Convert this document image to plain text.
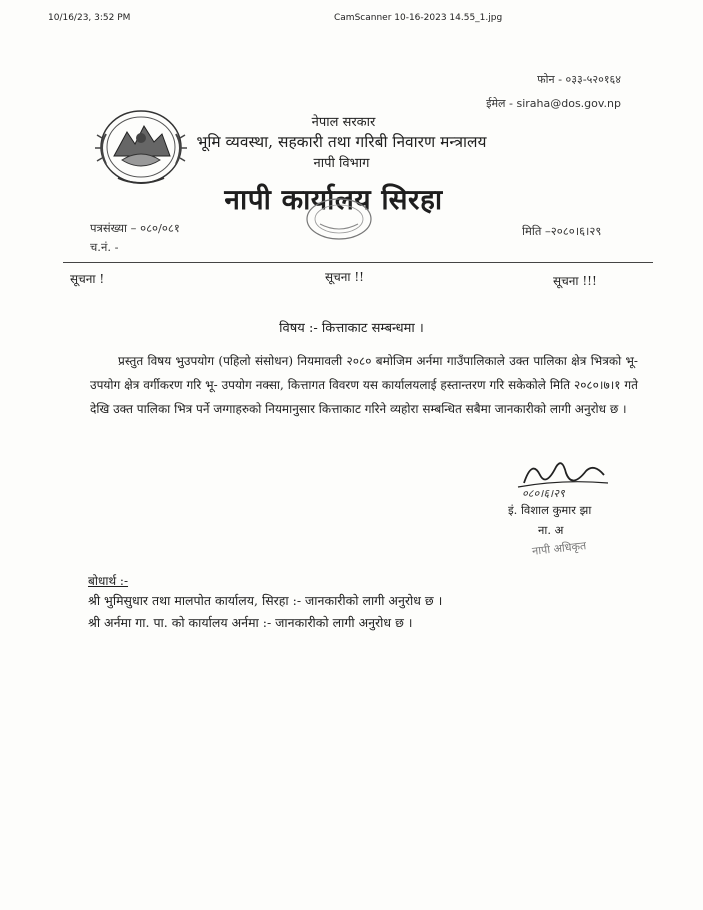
10/16/23, 3:52 PM	CamScanner 10-16-2023 14.55_1.jpg
फोन - ०३३-५२०१६४
ईमेल - siraha@dos.gov.np
नेपाल सरकार
भूमि व्यवस्था, सहकारी तथा गरिबी निवारण मन्त्रालय
नापी विभाग
नापी कार्यालय सिरहा
पत्रसंख्या – ०८०/०८१
च.नं. -
मिति –२०८०।६।२९
सूचना !	सूचना !!	सूचना !!!
विषय :- कित्ताकाट सम्बन्धमा ।
प्रस्तुत विषय भुउपयोग (पहिलो संसोधन) नियमावली २०८० बमोजिम अर्नमा गाउँपालिकाले उक्त पालिका क्षेत्र भित्रको भू- उपयोग क्षेत्र वर्गीकरण गरि भू- उपयोग नक्सा, कित्तागत विवरण यस कार्यालयलाई हस्तान्तरण गरि सकेकोले मिति २०८०।७।१ गते देखि उक्त पालिका भित्र पर्ने जग्गाहरुको नियमानुसार कित्ताकाट गरिने व्यहोरा सम्बन्धित सबैमा जानकारीको लागी अनुरोध छ ।
०८०।६।२९
इं. विशाल कुमार झा
ना. अ
नापी अधिकृत
बोधार्थ :-
श्री भुमिसुधार तथा मालपोत कार्यालय, सिरहा :- जानकारीको लागी अनुरोध छ ।
श्री अर्नमा गा. पा. को कार्यालय अर्नमा :- जानकारीको लागी अनुरोध छ ।
